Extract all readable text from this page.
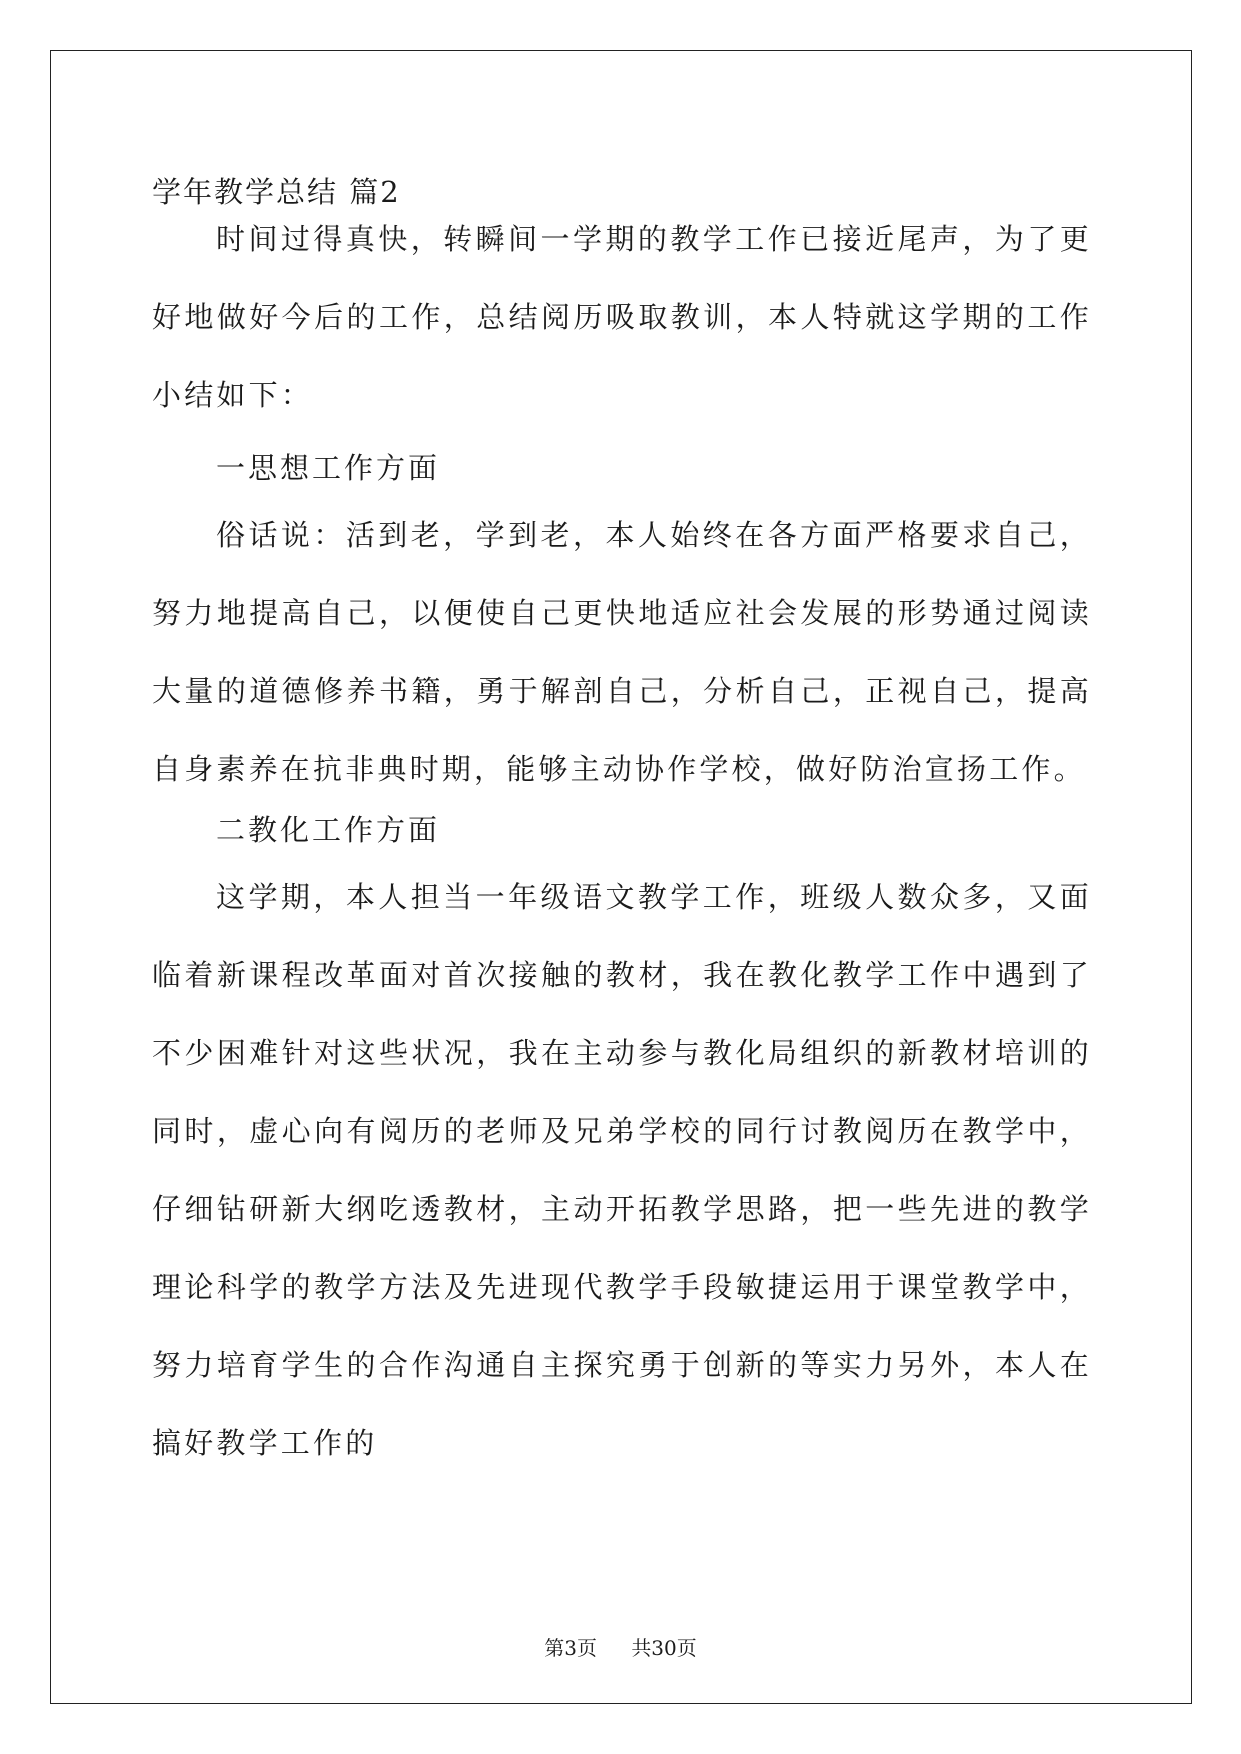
学年教学总结 篇2
时间过得真快，转瞬间一学期的教学工作已接近尾声，为了更好地做好今后的工作，总结阅历吸取教训，本人特就这学期的工作小结如下：
一思想工作方面
俗话说：活到老，学到老，本人始终在各方面严格要求自己，努力地提高自己，以便使自己更快地适应社会发展的形势通过阅读大量的道德修养书籍，勇于解剖自己，分析自己，正视自己，提高自身素养在抗非典时期，能够主动协作学校，做好防治宣扬工作。
二教化工作方面
这学期，本人担当一年级语文教学工作，班级人数众多，又面临着新课程改革面对首次接触的教材，我在教化教学工作中遇到了不少困难针对这些状况，我在主动参与教化局组织的新教材培训的同时，虚心向有阅历的老师及兄弟学校的同行讨教阅历在教学中，仔细钻研新大纲吃透教材，主动开拓教学思路，把一些先进的教学理论科学的教学方法及先进现代教学手段敏捷运用于课堂教学中，努力培育学生的合作沟通自主探究勇于创新的等实力另外，本人在搞好教学工作的
第3页 共30页
